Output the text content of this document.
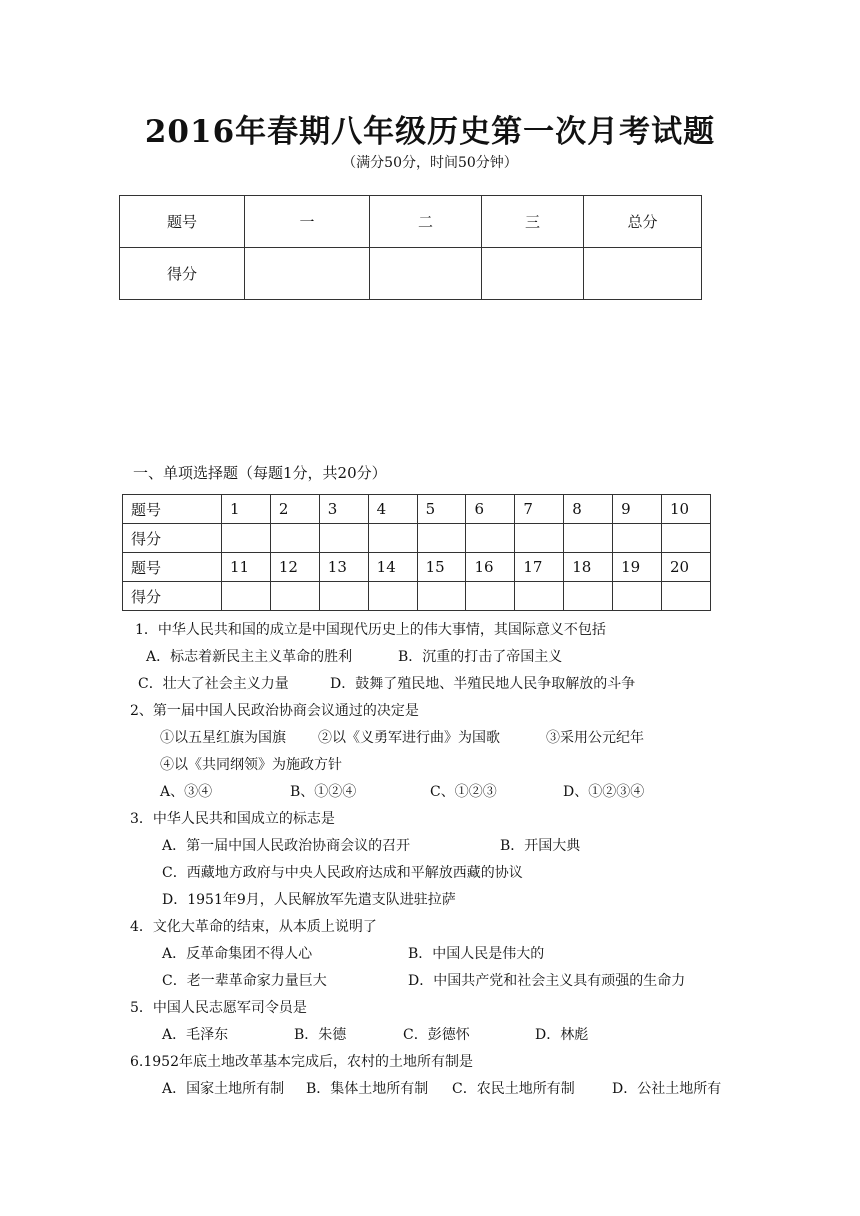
2016年春期八年级历史第一次月考试题
（满分50分，时间50分钟）
题号	一	二	三	总分
得分				
一、单项选择题（每题1分，共20分）
题号	1	2	3	4	5	6	7	8	9	10
得分										
题号	11	12	13	14	15	16	17	18	19	20
得分										
1．中华人民共和国的成立是中国现代历史上的伟大事情，其国际意义不包括
A．标志着新民主主义革命的胜利	B．沉重的打击了帝国主义
C．壮大了社会主义力量	D．鼓舞了殖民地、半殖民地人民争取解放的斗争
2、第一届中国人民政治协商会议通过的决定是
①以五星红旗为国旗 ②以《义勇军进行曲》为国歌	③采用公元纪年
④以《共同纲领》为施政方针
A、③④	B、①②④	C、①②③	D、①②③④
3．中华人民共和国成立的标志是
A．第一届中国人民政治协商会议的召开	B．开国大典
C．西藏地方政府与中央人民政府达成和平解放西藏的协议
D．1951年9月，人民解放军先遣支队进驻拉萨
4．文化大革命的结束，从本质上说明了
A．反革命集团不得人心	B．中国人民是伟大的
C．老一辈革命家力量巨大	D．中国共产党和社会主义具有顽强的生命力
5．中国人民志愿军司令员是
A．毛泽东	B．朱德	C．彭德怀	D．林彪
6.1952年底土地改革基本完成后，农村的土地所有制是
A．国家土地所有制 B．集体土地所有制 C．农民土地所有制	D．公社土地所有
